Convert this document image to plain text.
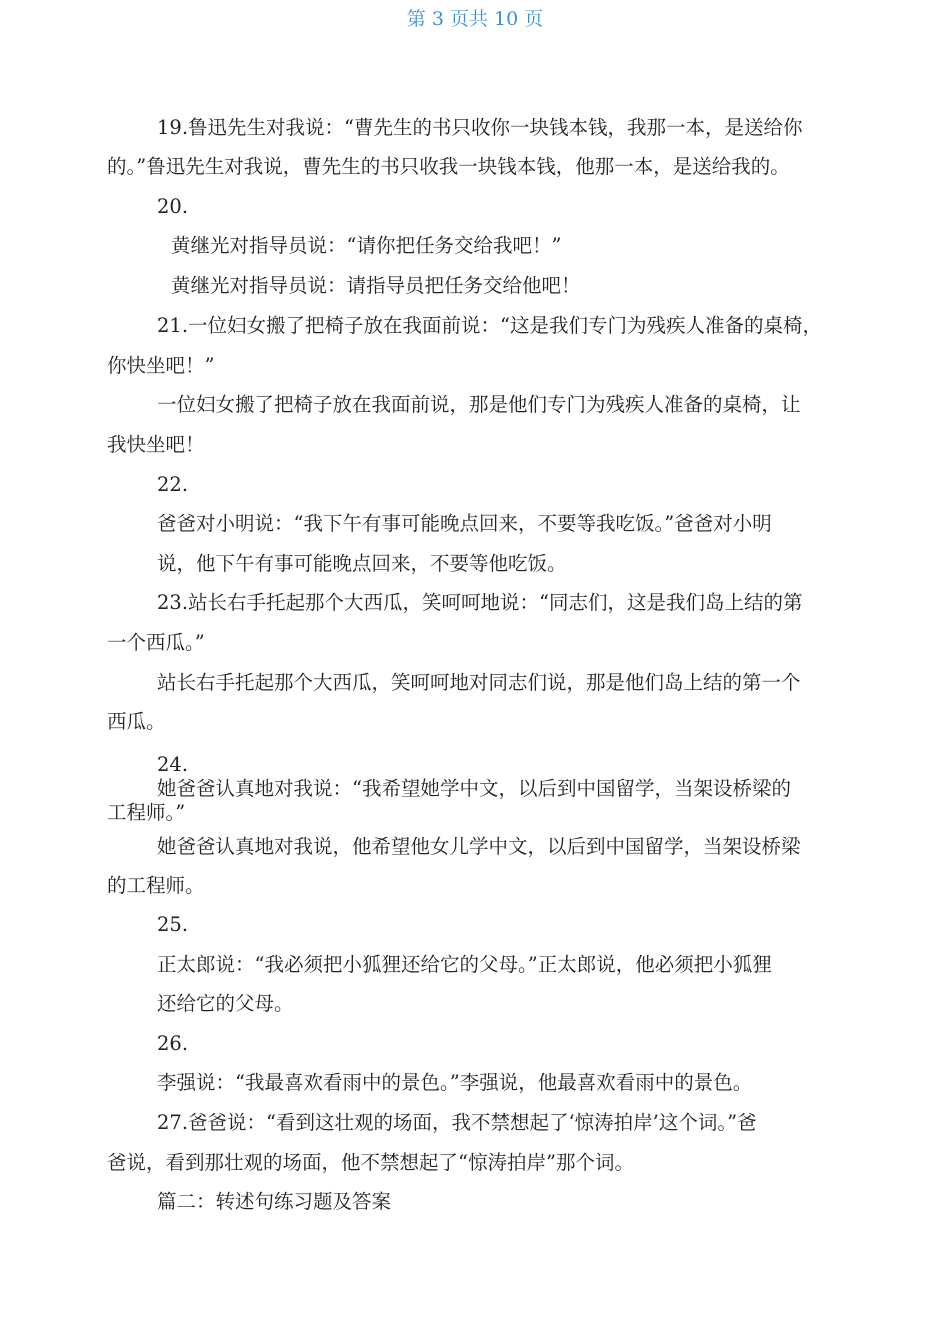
第 3 页共 10 页
19.鲁迅先生对我说：“曹先生的书只收你一块钱本钱，我那一本，是送给你
的。”鲁迅先生对我说，曹先生的书只收我一块钱本钱，他那一本，是送给我的。
20.
黄继光对指导员说：“请你把任务交给我吧！”
黄继光对指导员说：请指导员把任务交给他吧！
21.一位妇女搬了把椅子放在我面前说：“这是我们专门为残疾人准备的桌椅，
你快坐吧！”
一位妇女搬了把椅子放在我面前说，那是他们专门为残疾人准备的桌椅，让
我快坐吧！
22.
爸爸对小明说：“我下午有事可能晚点回来，不要等我吃饭。”爸爸对小明
说，他下午有事可能晚点回来，不要等他吃饭。
23.站长右手托起那个大西瓜，笑呵呵地说：“同志们，这是我们岛上结的第
一个西瓜。”
站长右手托起那个大西瓜，笑呵呵地对同志们说，那是他们岛上结的第一个
西瓜。
24.
她爸爸认真地对我说：“我希望她学中文，以后到中国留学，当架设桥梁的
工程师。”
她爸爸认真地对我说，他希望他女儿学中文，以后到中国留学，当架设桥梁
的工程师。
25.
正太郎说：“我必须把小狐狸还给它的父母。”正太郎说，他必须把小狐狸
还给它的父母。
26.
李强说：“我最喜欢看雨中的景色。”李强说，他最喜欢看雨中的景色。
27.爸爸说：“看到这壮观的场面，我不禁想起了‘惊涛拍岸’这个词。”爸
爸说，看到那壮观的场面，他不禁想起了“惊涛拍岸”那个词。
篇二：转述句练习题及答案
